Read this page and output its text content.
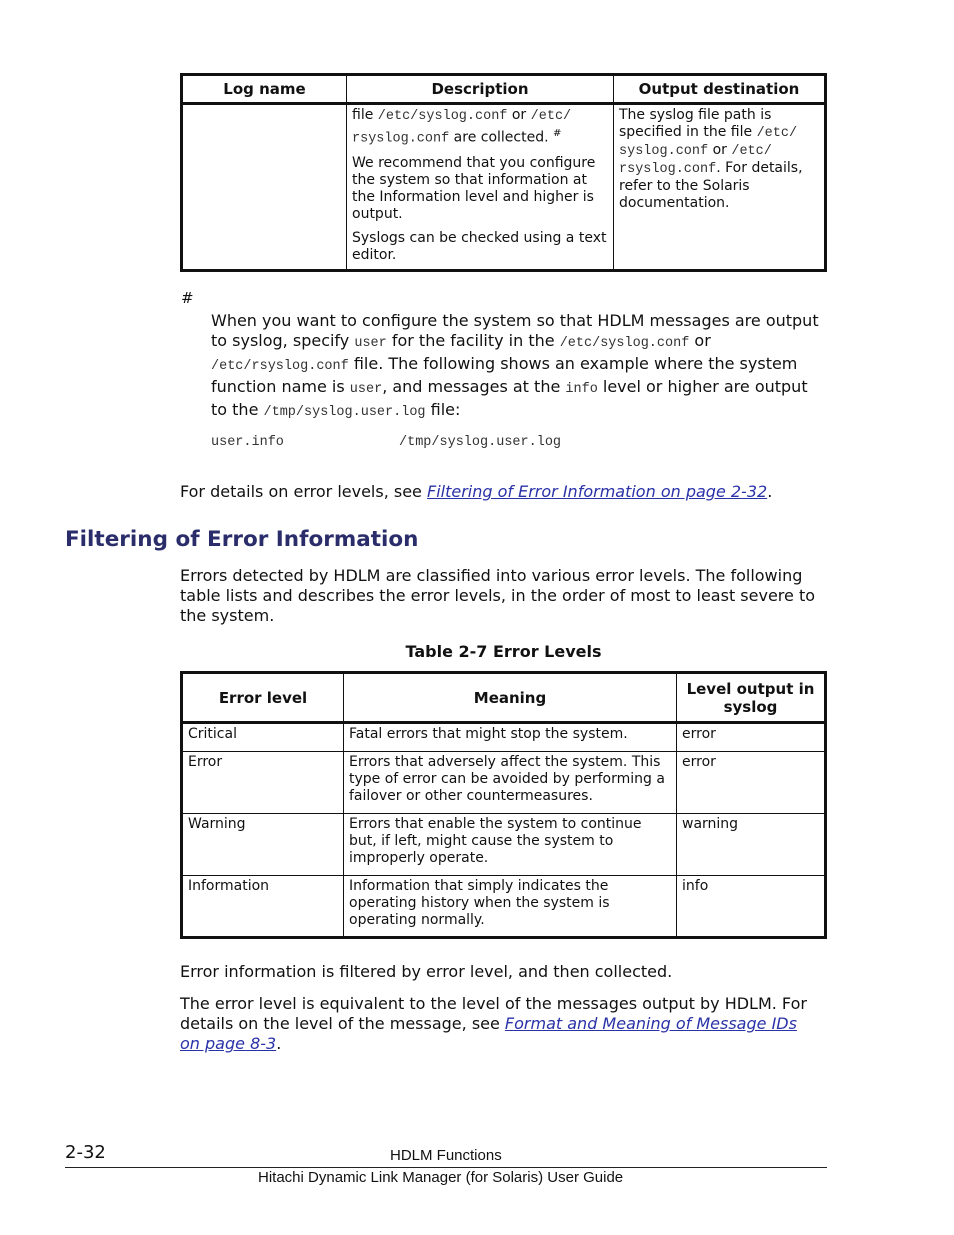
Log name	Description	Output destination

	file /etc/syslog.conf or /etc/ rsyslog.conf are collected. #

We recommend that you configure the system so that information at the Information level and higher is output.

Syslogs can be checked using a text editor.	The syslog file path is specified in the file /etc/ syslog.conf or /etc/ rsyslog.conf. For details, refer to the Solaris documentation.
#
When you want to configure the system so that HDLM messages are output to syslog, specify user for the facility in the /etc/syslog.conf or /etc/rsyslog.conf file. The following shows an example where the system function name is user, and messages at the info level or higher are output to the /tmp/syslog.user.log file:
user.info	/tmp/syslog.user.log
For details on error levels, see Filtering of Error Information on page 2-32.
Filtering of Error Information
Errors detected by HDLM are classified into various error levels. The following table lists and describes the error levels, in the order of most to least severe to the system.
Table 2-7 Error Levels
Error level	Meaning	Level output in syslog
Critical	Fatal errors that might stop the system.	error
Error	Errors that adversely affect the system. This type of error can be avoided by performing a failover or other countermeasures.	error
Warning	Errors that enable the system to continue but, if left, might cause the system to improperly operate.	warning
Information	Information that simply indicates the operating history when the system is operating normally.	info
Error information is filtered by error level, and then collected.
The error level is equivalent to the level of the messages output by HDLM. For details on the level of the message, see Format and Meaning of Message IDs on page 8-3.
2-32	HDLM Functions
Hitachi Dynamic Link Manager (for Solaris) User Guide
